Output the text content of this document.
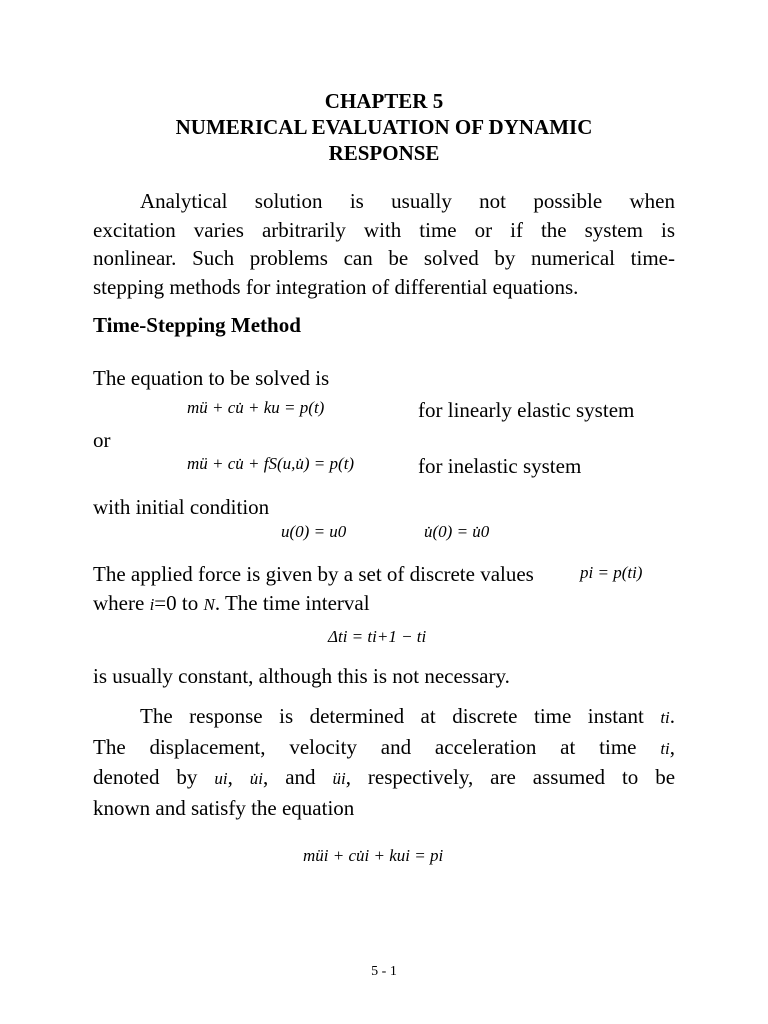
CHAPTER 5
NUMERICAL EVALUATION OF DYNAMIC
RESPONSE
Analytical solution is usually not possible when
excitation varies arbitrarily with time or if the system is
nonlinear. Such problems can be solved by numerical time-
stepping methods for integration of differential equations.
Time-Stepping Method
The equation to be solved is
mü + cu̇ + ku = p(t)	for linearly elastic system
or
mü + cu̇ + fS(u,u̇) = p(t)	for inelastic system
with initial condition
u(0) = u0	u̇(0) = u̇0
The applied force is given by a set of discrete values	pi = p(ti)
where i=0 to N. The time interval
Δti = ti+1 − ti
is usually constant, although this is not necessary.
The response is determined at discrete time instant ti.
The displacement, velocity and acceleration at time ti,
denoted by ui, u̇i, and üi, respectively, are assumed to be
known and satisfy the equation
müi + cu̇i + kui = pi
5 - 1
